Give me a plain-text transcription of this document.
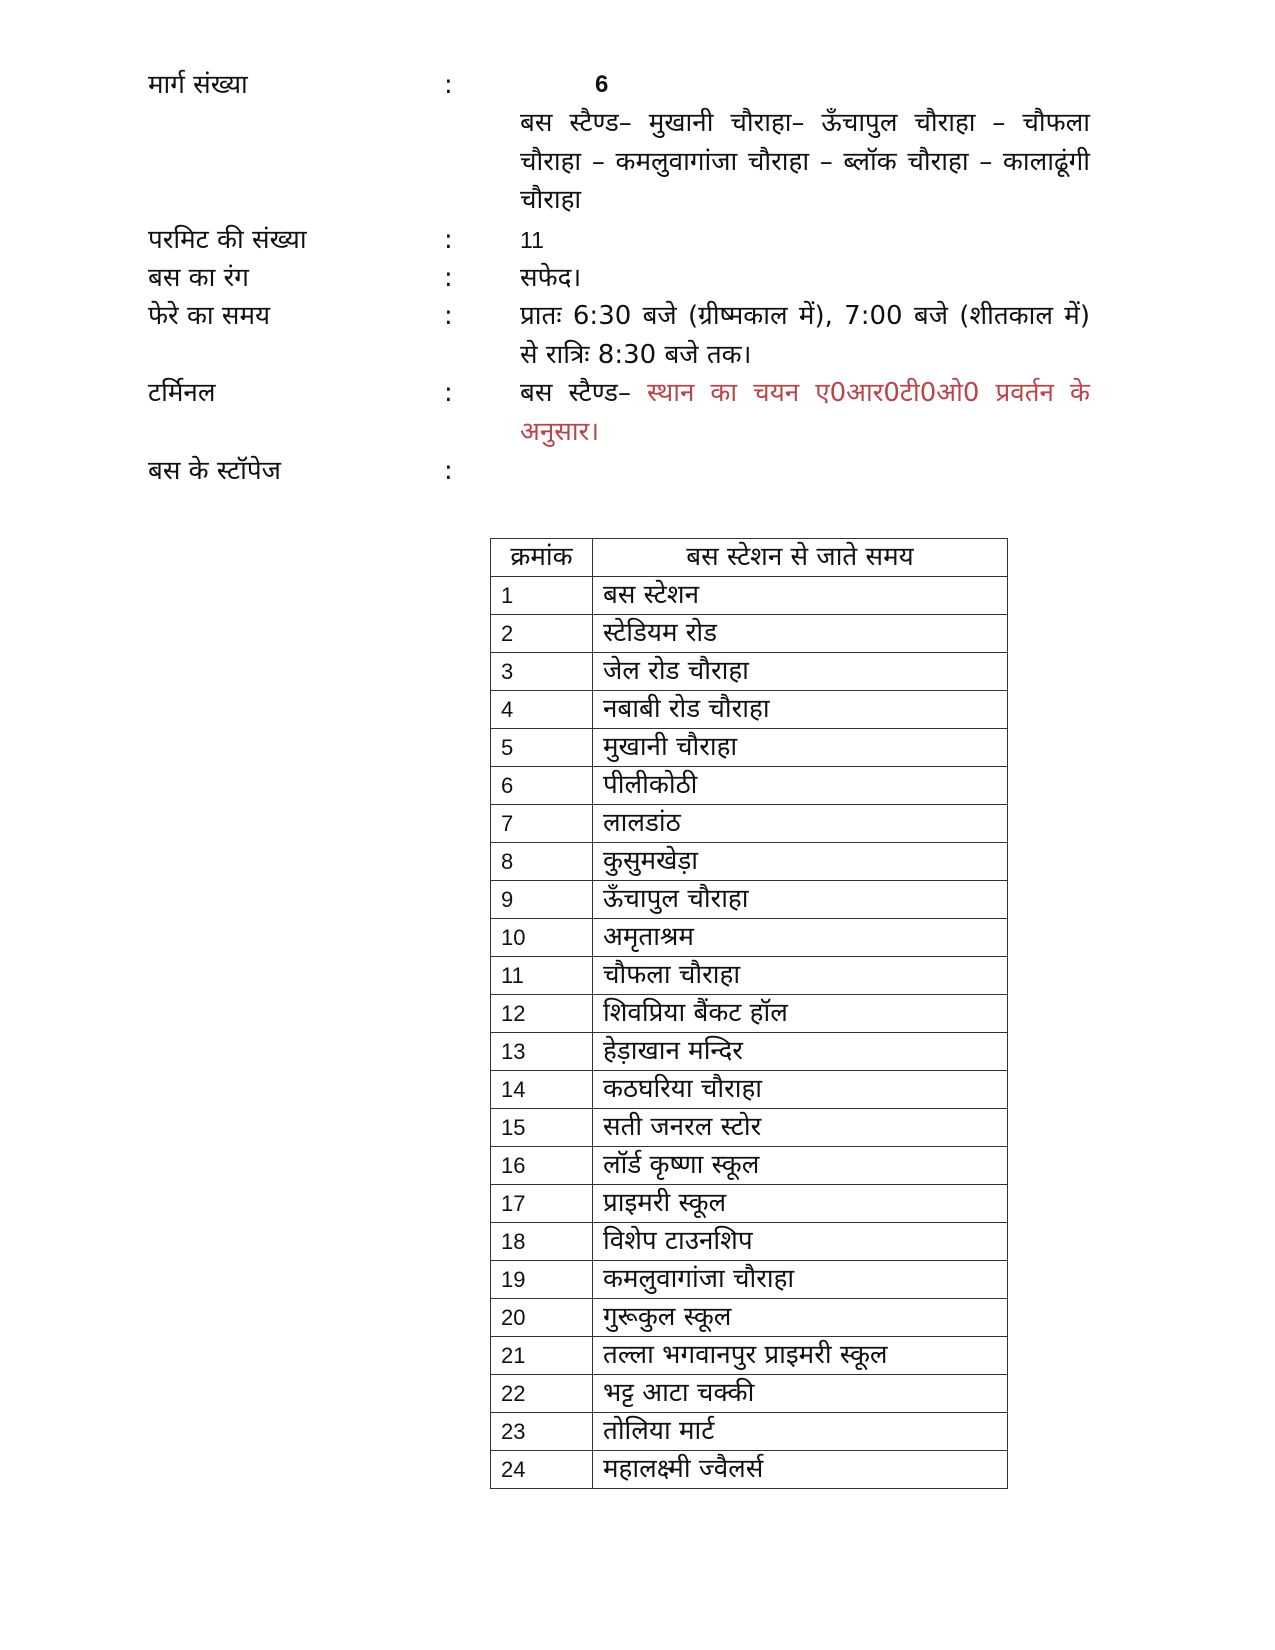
मार्ग संख्या	:	6
बस स्टैण्ड– मुखानी चौराहा– ऊँचापुल चौराहा – चौफला चौराहा – कमलुवागांजा चौराहा – ब्लॉक चौराहा – कालाढूंगी चौराहा
परमिट की संख्या	:	11
बस का रंग	:	सफेद।
फेरे का समय	:	प्रातः 6:30 बजे (ग्रीष्मकाल में), 7:00 बजे (शीतकाल में) से रात्रिः 8:30 बजे तक।
टर्मिनल	:	बस स्टैण्ड– स्थान का चयन ए0आर0टी0ओ0 प्रवर्तन के अनुसार।
बस के स्टॉपेज	:
क्रमांक	बस स्टेशन से जाते समय
1	बस स्टेशन
2	स्टेडियम रोड
3	जेल रोड चौराहा
4	नबाबी रोड चौराहा
5	मुखानी चौराहा
6	पीलीकोठी
7	लालडांठ
8	कुसुमखेड़ा
9	ऊँचापुल चौराहा
10	अमृताश्रम
11	चौफला चौराहा
12	शिवप्रिया बैंकट हॉल
13	हेड़ाखान मन्दिर
14	कठघरिया चौराहा
15	सती जनरल स्टोर
16	लॉर्ड कृष्णा स्कूल
17	प्राइमरी स्कूल
18	विशेप टाउनशिप
19	कमलुवागांजा चौराहा
20	गुरूकुल स्कूल
21	तल्ला भगवानपुर प्राइमरी स्कूल
22	भट्ट आटा चक्की
23	तोलिया मार्ट
24	महालक्ष्मी ज्वैलर्स
